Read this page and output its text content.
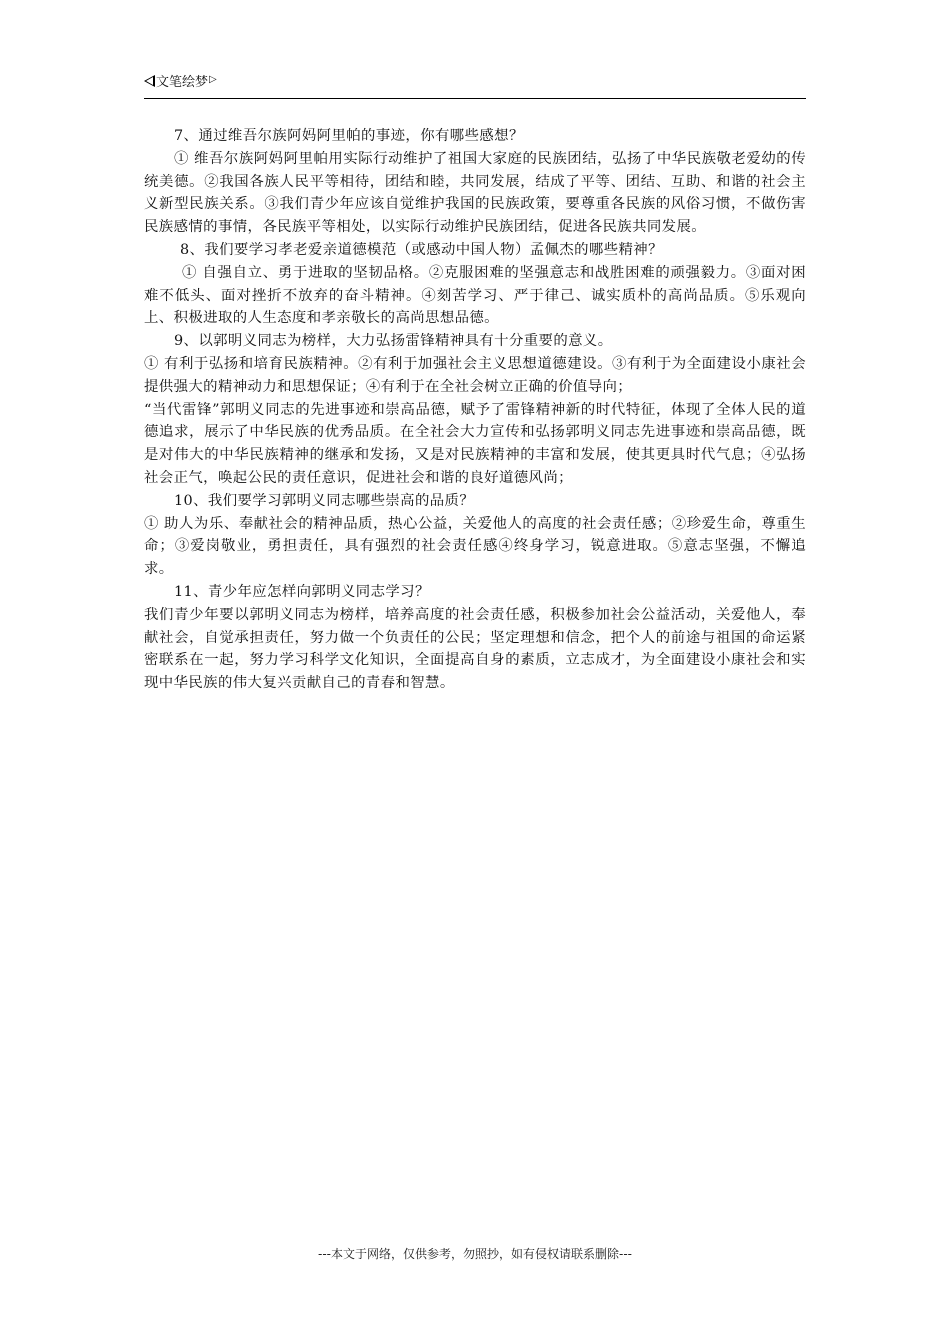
文笔绘梦▷

7、通过维吾尔族阿妈阿里帕的事迹，你有哪些感想？

① 维吾尔族阿妈阿里帕用实际行动维护了祖国大家庭的民族团结，弘扬了中华民族敬老爱幼的传统美德。②我国各族人民平等相待，团结和睦，共同发展，结成了平等、团结、互助、和谐的社会主义新型民族关系。③我们青少年应该自觉维护我国的民族政策，要尊重各民族的风俗习惯，不做伤害民族感情的事情，各民族平等相处，以实际行动维护民族团结，促进各民族共同发展。

8、我们要学习孝老爱亲道德模范（或感动中国人物）孟佩杰的哪些精神？

① 自强自立、勇于进取的坚韧品格。②克服困难的坚强意志和战胜困难的顽强毅力。③面对困难不低头、面对挫折不放弃的奋斗精神。④刻苦学习、严于律己、诚实质朴的高尚品质。⑤乐观向上、积极进取的人生态度和孝亲敬长的高尚思想品德。

9、以郭明义同志为榜样，大力弘扬雷锋精神具有十分重要的意义。

① 有利于弘扬和培育民族精神。②有利于加强社会主义思想道德建设。③有利于为全面建设小康社会提供强大的精神动力和思想保证；④有利于在全社会树立正确的价值导向；

“当代雷锋”郭明义同志的先进事迹和崇高品德，赋予了雷锋精神新的时代特征，体现了全体人民的道德追求，展示了中华民族的优秀品质。在全社会大力宣传和弘扬郭明义同志先进事迹和崇高品德，既是对伟大的中华民族精神的继承和发扬，又是对民族精神的丰富和发展，使其更具时代气息；④弘扬社会正气，唤起公民的责任意识，促进社会和谐的良好道德风尚；

10、我们要学习郭明义同志哪些崇高的品质？

① 助人为乐、奉献社会的精神品质，热心公益，关爱他人的高度的社会责任感；②珍爱生命，尊重生命；③爱岗敬业，勇担责任，具有强烈的社会责任感④终身学习，锐意进取。⑤意志坚强，不懈追求。

11、青少年应怎样向郭明义同志学习？

我们青少年要以郭明义同志为榜样，培养高度的社会责任感，积极参加社会公益活动，关爱他人，奉献社会，自觉承担责任，努力做一个负责任的公民；坚定理想和信念，把个人的前途与祖国的命运紧密联系在一起，努力学习科学文化知识，全面提高自身的素质，立志成才，为全面建设小康社会和实现中华民族的伟大复兴贡献自己的青春和智慧。

---本文于网络，仅供参考，勿照抄，如有侵权请联系删除---
